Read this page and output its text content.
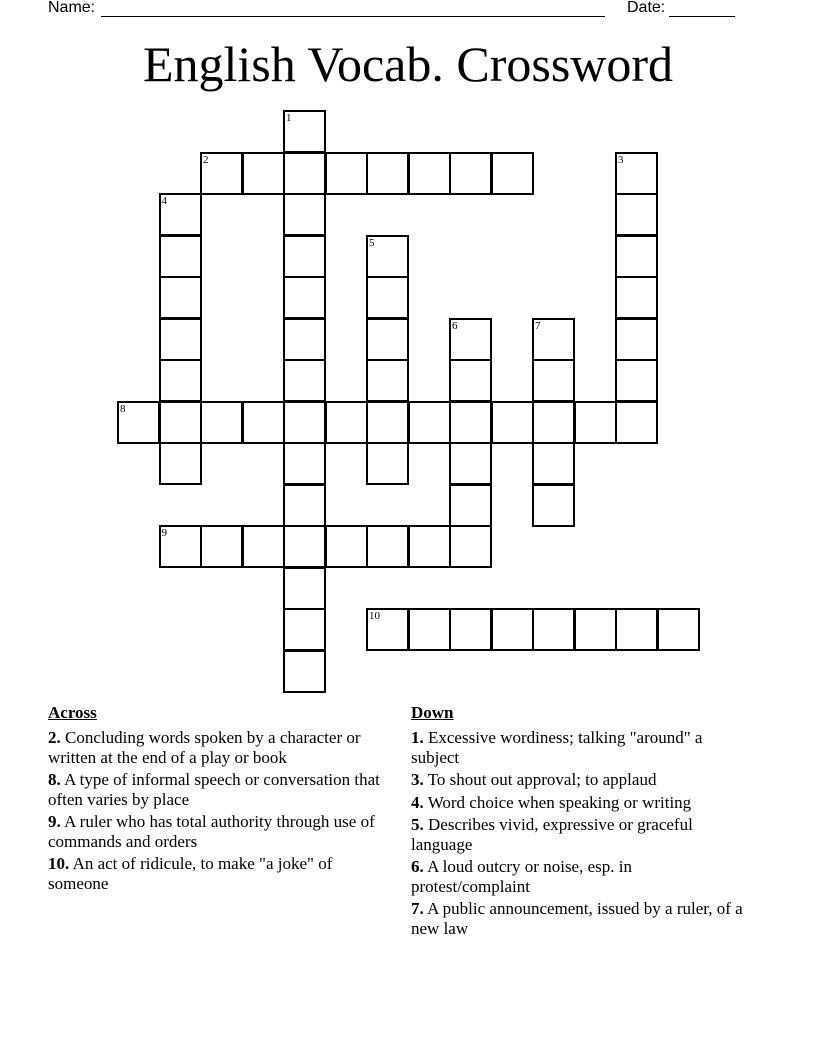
Name:	Date:
English Vocab. Crossword
2
8
9
10
1
3
4
5
6	7
Across
2. Concluding words spoken by a character or written at the end of a play or book
8. A type of informal speech or conversation that often varies by place
9. A ruler who has total authority through use of commands and orders
10. An act of ridicule, to make "a joke" of someone
Down
1. Excessive wordiness; talking "around" a subject
3. To shout out approval; to applaud
4. Word choice when speaking or writing
5. Describes vivid, expressive or graceful language
6. A loud outcry or noise, esp. in protest/complaint
7. A public announcement, issued by a ruler, of a new law
